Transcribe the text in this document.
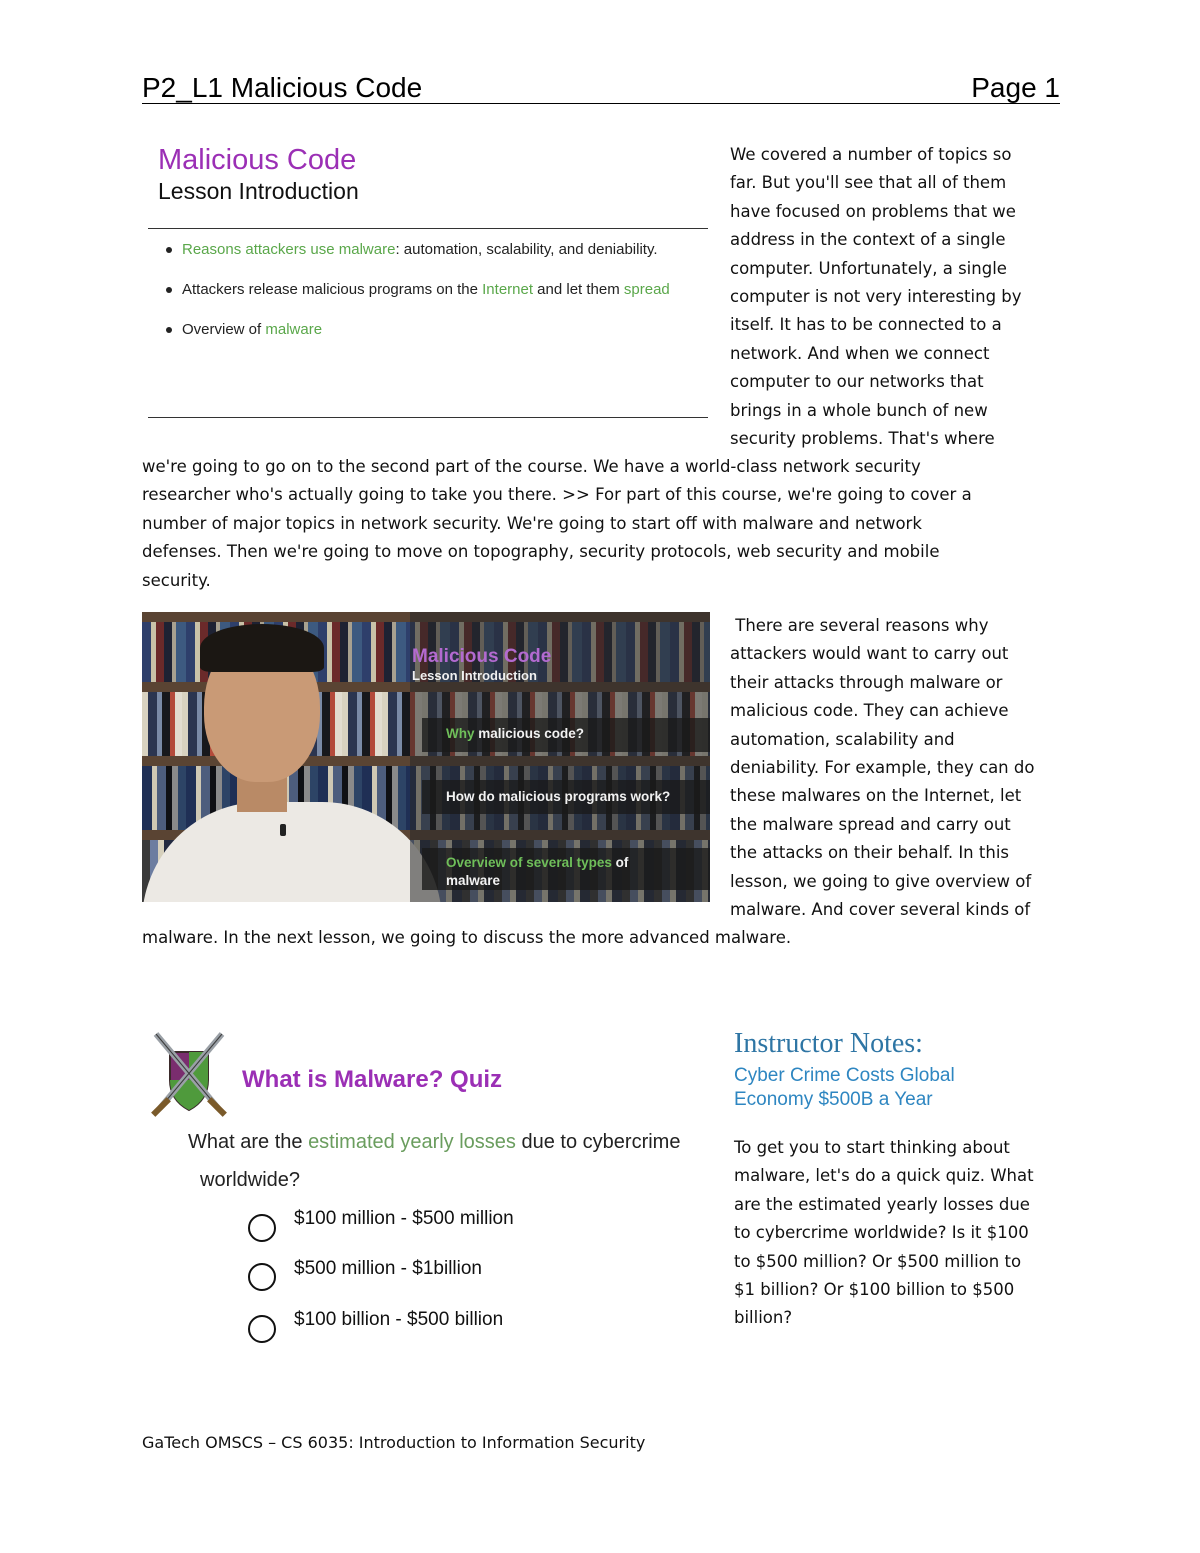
P2_L1 Malicious Code	Page 1
Malicious Code
Lesson Introduction
Reasons attackers use malware: automation, scalability, and deniability.
Attackers release malicious programs on the Internet and let them spread
Overview of malware

We covered a number of topics so

far. But you'll see that all of them

have focused on problems that we

address in the context of a single

computer. Unfortunately, a single

computer is not very interesting by

itself. It has to be connected to a

network. And when we connect

computer to our networks that

brings in a whole bunch of new

security problems. That's where

we're going to go on to the second part of the course. We have a world-class network security

researcher who's actually going to take you there. >> For part of this course, we're going to cover a

number of major topics in network security. We're going to start off with malware and network

defenses. Then we're going to move on topography, security protocols, web security and mobile

security.

Malicious Code
Lesson Introduction
Why malicious code?
How do malicious programs work?
Overview of several types of
malware

There are several reasons why

attackers would want to carry out

their attacks through malware or

malicious code. They can achieve

automation, scalability and

deniability. For example, they can do

these malwares on the Internet, let

the malware spread and carry out

the attacks on their behalf. In this

lesson, we going to give overview of

malware. And cover several kinds of

malware. In the next lesson, we going to discuss the more advanced malware.

What is Malware? Quiz
What are the estimated yearly losses due to cybercrime
worldwide?
$100 million - $500 million
$500 million - $1billion
$100 billion - $500 billion
Instructor Notes:
Cyber Crime Costs Global
Economy $500B a Year

To get you to start thinking about

malware, let's do a quick quiz. What

are the estimated yearly losses due

to cybercrime worldwide? Is it $100

to $500 million? Or $500 million to

$1 billion? Or $100 billion to $500

billion?

GaTech OMSCS – CS 6035: Introduction to Information Security
